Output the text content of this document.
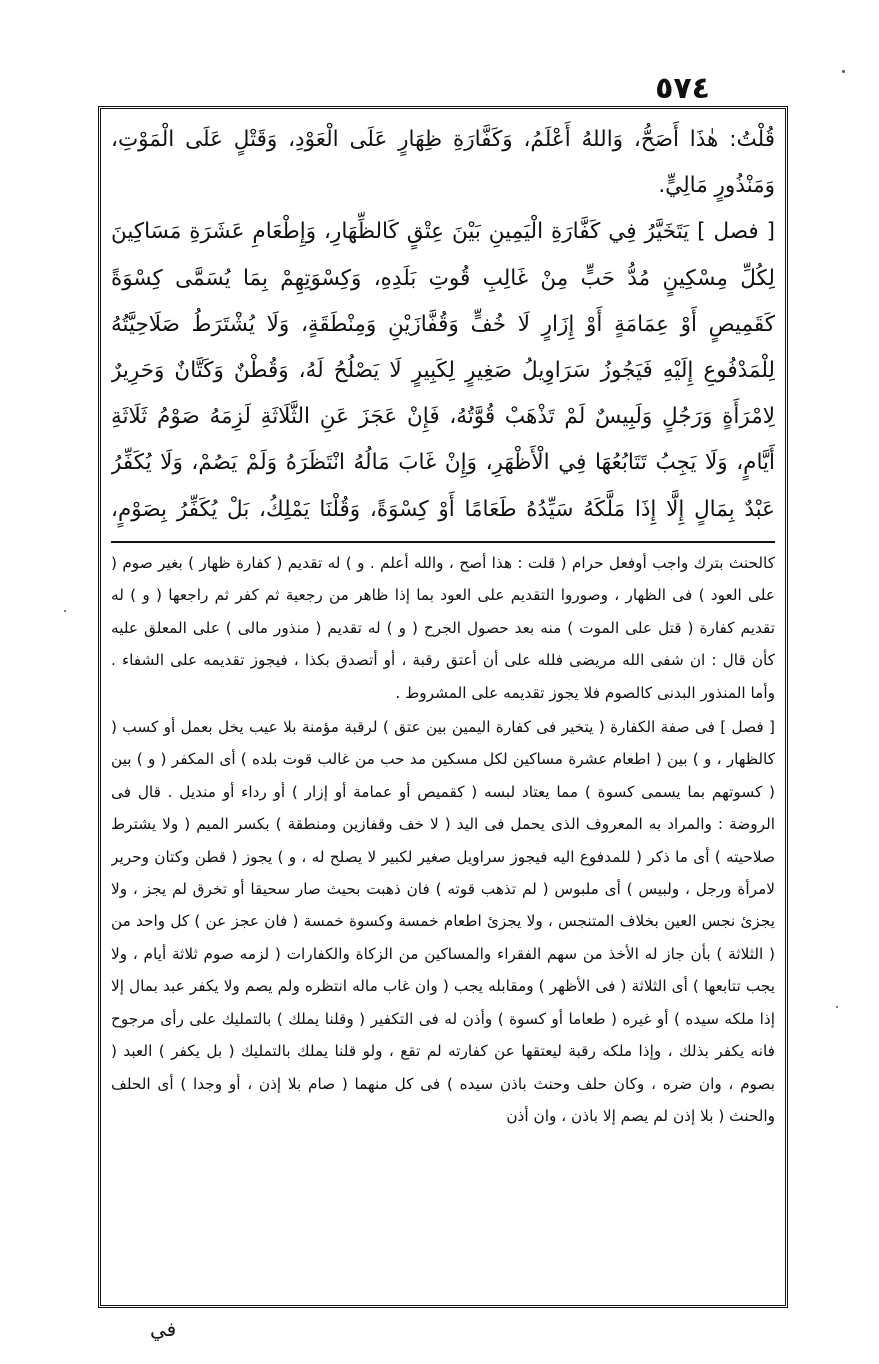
٥٧٤

قُلْتُ: هٰذَا أَصَحُّ، وَاللهُ أَعْلَمُ، وَكَفَّارَةِ ظِهَارٍ عَلَى الْعَوْدِ، وَقَتْلٍ عَلَى الْمَوْتِ، وَمَنْذُورٍ مَالِيٍّ.

[ فصل ] يَتَخَيَّرُ فِي كَفَّارَةِ الْيَمِينِ بَيْنَ عِتْقٍ كَالظِّهَارِ، وَإِطْعَامِ عَشَرَةِ مَسَاكِينَ لِكُلِّ مِسْكِينٍ مُدُّ حَبٍّ مِنْ غَالِبِ قُوتِ بَلَدِهِ، وَكِسْوَتِهِمْ بِمَا يُسَمَّى كِسْوَةً كَقَمِيصٍ أَوْ عِمَامَةٍ أَوْ إِزَارٍ لَا خُفٍّ وَقُفَّازَيْنِ وَمِنْطَقَةٍ، وَلَا يُشْتَرَطُ صَلَاحِيَّتُهُ لِلْمَدْفُوعِ إِلَيْهِ فَيَجُوزُ سَرَاوِيلُ صَغِيرٍ لِكَبِيرٍ لَا يَصْلُحُ لَهُ، وَقُطْنٌ وَكَتَّانٌ وَحَرِيرٌ لِامْرَأَةٍ وَرَجُلٍ وَلَبِيسٌ لَمْ تَذْهَبْ قُوَّتُهُ، فَإِنْ عَجَزَ عَنِ الثَّلَاثَةِ لَزِمَهُ صَوْمُ ثَلَاثَةِ أَيَّامٍ، وَلَا يَجِبُ تَتَابُعُهَا فِي الْأَظْهَرِ، وَإِنْ غَابَ مَالُهُ انْتَظَرَهُ وَلَمْ يَصُمْ، وَلَا يُكَفِّرُ عَبْدٌ بِمَالٍ إِلَّا إِذَا مَلَّكَهُ سَيِّدُهُ طَعَامًا أَوْ كِسْوَةً، وَقُلْنَا يَمْلِكُ، بَلْ يُكَفِّرُ بِصَوْمٍ،

كالحنث بترك واجب أوفعل حرام ( قلت : هذا أصح ، والله أعلم . و ) له تقديم ( كفارة ظهار ) بغير صوم ( على العود ) فى الظهار ، وصوروا التقديم على العود بما إذا ظاهر من رجعية ثم كفر ثم راجعها ( و ) له تقديم كفارة ( قتل على الموت ) منه بعد حصول الجرح ( و ) له تقديم ( منذور مالى ) على المعلق عليه كأن قال : ان شفى الله مريضى فلله على أن أعتق رقبة ، أو أتصدق بكذا ، فيجوز تقديمه على الشفاء . وأما المنذور البدنى كالصوم فلا يجوز تقديمه على المشروط .

[ فصل ] فى صفة الكفارة ( يتخير فى كفارة اليمين بين عتق ) لرقبة مؤمنة بلا عيب يخل بعمل أو كسب ( كالظهار ، و ) بين ( اطعام عشرة مساكين لكل مسكين مد حب من غالب قوت بلده ) أى المكفر ( و ) بين ( كسوتهم بما يسمى كسوة ) مما يعتاد لبسه ( كقميص أو عمامة أو إزار ) أو رداء أو منديل . قال فى الروضة : والمراد به المعروف الذى يحمل فى اليد ( لا خف وقفازين ومنطقة ) بكسر الميم ( ولا يشترط صلاحيته ) أى ما ذكر ( للمدفوع اليه فيجوز سراويل صغير لكبير لا يصلح له ، و ) يجوز ( قطن وكتان وحرير لامرأة ورجل ، ولبيس ) أى ملبوس ( لم تذهب قوته ) فان ذهبت بحيث صار سحيقا أو تخرق لم يجز ، ولا يجزئ نجس العين بخلاف المتنجس ، ولا يجزئ اطعام خمسة وكسوة خمسة ( فان عجز عن ) كل واحد من ( الثلاثة ) بأن جاز له الأخذ من سهم الفقراء والمساكين من الزكاة والكفارات ( لزمه صوم ثلاثة أيام ، ولا يجب تتابعها ) أى الثلاثة ( فى الأظهر ) ومقابله يجب ( وان غاب ماله انتظره ولم يصم ولا يكفر عبد بمال إلا إذا ملكه سيده ) أو غيره ( طعاما أو كسوة ) وأذن له فى التكفير ( وقلنا يملك ) بالتمليك على رأى مرجوح فانه يكفر بذلك ، وإذا ملكه رقبة ليعتقها عن كفارته لم تقع ، ولو قلنا يملك بالتمليك ( بل يكفر ) العبد ( بصوم ، وان ضره ، وكان حلف وحنث باذن سيده ) فى كل منهما ( صام بلا إذن ، أو وجدا ) أى الحلف والحنث ( بلا إذن لم يصم إلا باذن ، وان أذن

في
